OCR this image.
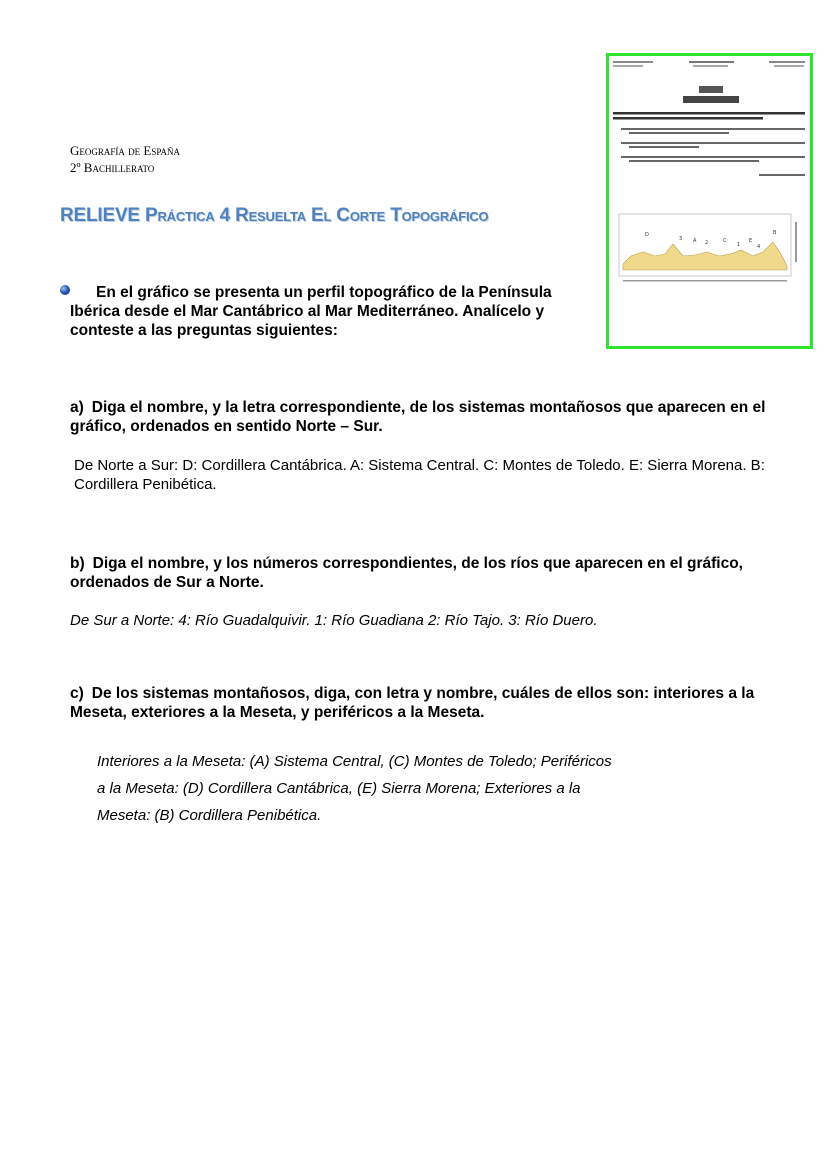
Geografía de España
2º Bachillerato
RELIEVE Práctica 4 Resuelta El Corte Topográfico
En el gráfico se presenta un perfil topográfico de la Península Ibérica desde el Mar Cantábrico al Mar Mediterráneo. Analícelo y conteste a las preguntas siguientes:
D
3 A 2	C
1
E
4
B
a) Diga el nombre, y la letra correspondiente, de los sistemas montañosos que aparecen en el gráfico, ordenados en sentido Norte – Sur.
De Norte a Sur: D: Cordillera Cantábrica. A: Sistema Central. C: Montes de Toledo. E: Sierra Morena. B: Cordillera Penibética.
b) Diga el nombre, y los números correspondientes, de los ríos que aparecen en el gráfico, ordenados de Sur a Norte.
De Sur a Norte: 4: Río Guadalquivir. 1: Río Guadiana 2: Río Tajo. 3: Río Duero.
c) De los sistemas montañosos, diga, con letra y nombre, cuáles de ellos son: interiores a la Meseta, exteriores a la Meseta, y periféricos a la Meseta.
Interiores a la Meseta: (A) Sistema Central, (C) Montes de Toledo; Periféricos
a la Meseta: (D) Cordillera Cantábrica, (E) Sierra Morena; Exteriores a la
Meseta: (B) Cordillera Penibética.
